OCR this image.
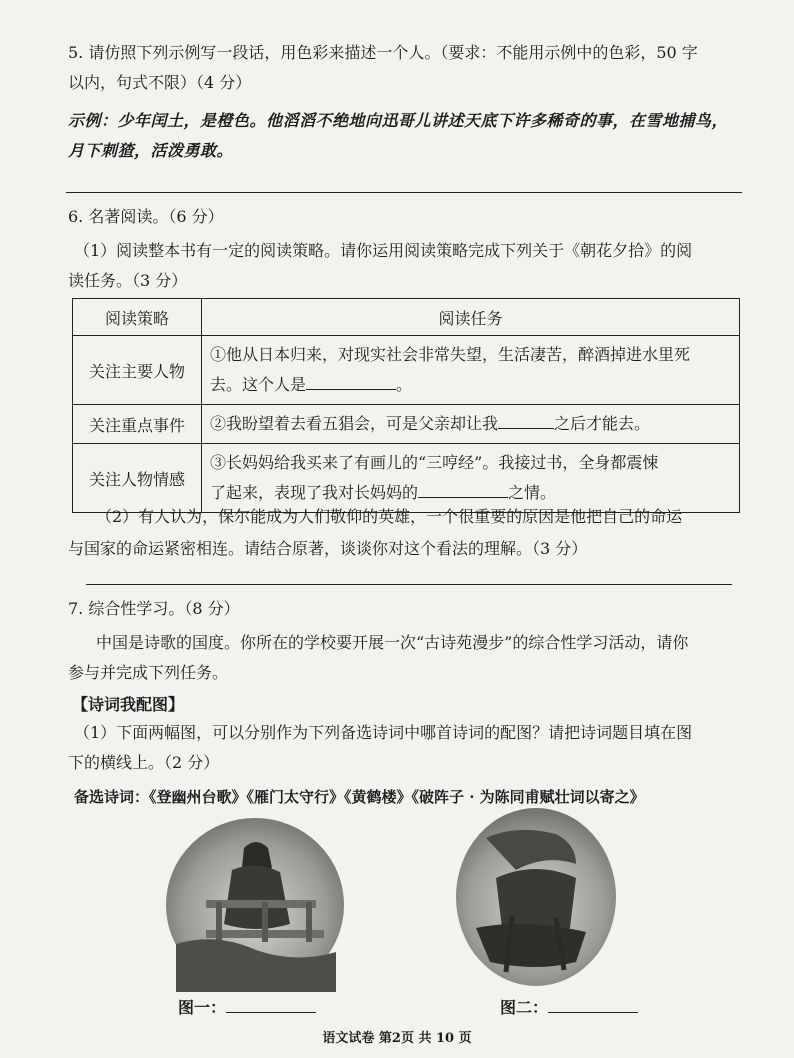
5. 请仿照下列示例写一段话，用色彩来描述一个人。（要求：不能用示例中的色彩，50 字
以内，句式不限）（4 分）
示例：少年闰土，是橙色。他滔滔不绝地向迅哥儿讲述天底下许多稀奇的事，在雪地捕鸟，
月下刺猹，活泼勇敢。
6. 名著阅读。（6 分）
（1）阅读整本书有一定的阅读策略。请你运用阅读策略完成下列关于《朝花夕拾》的阅
读任务。（3 分）
阅读策略	阅读任务
关注主要人物	①他从日本归来，对现实社会非常失望，生活凄苦，醉酒掉进水里死
去。这个人是 。

关注重点事件	②我盼望着去看五猖会，可是父亲却让我 之后才能去。
关注人物情感	③长妈妈给我买来了有画儿的“三哼经”。我接过书，全身都震悚
了起来，表现了我对长妈妈的 之情。
（2）有人认为，保尔能成为人们敬仰的英雄，一个很重要的原因是他把自己的命运
与国家的命运紧密相连。请结合原著，谈谈你对这个看法的理解。（3 分）
7. 综合性学习。（8 分）
中国是诗歌的国度。你所在的学校要开展一次“古诗苑漫步”的综合性学习活动，请你
参与并完成下列任务。
【诗词我配图】
（1）下面两幅图，可以分别作为下列备选诗词中哪首诗词的配图？请把诗词题目填在图
下的横线上。（2 分）
备选诗词：《登幽州台歌》《雁门太守行》《黄鹤楼》《破阵子 · 为陈同甫赋壮词以寄之》
图一：	图二：
语文试卷 第2页 共 10 页
